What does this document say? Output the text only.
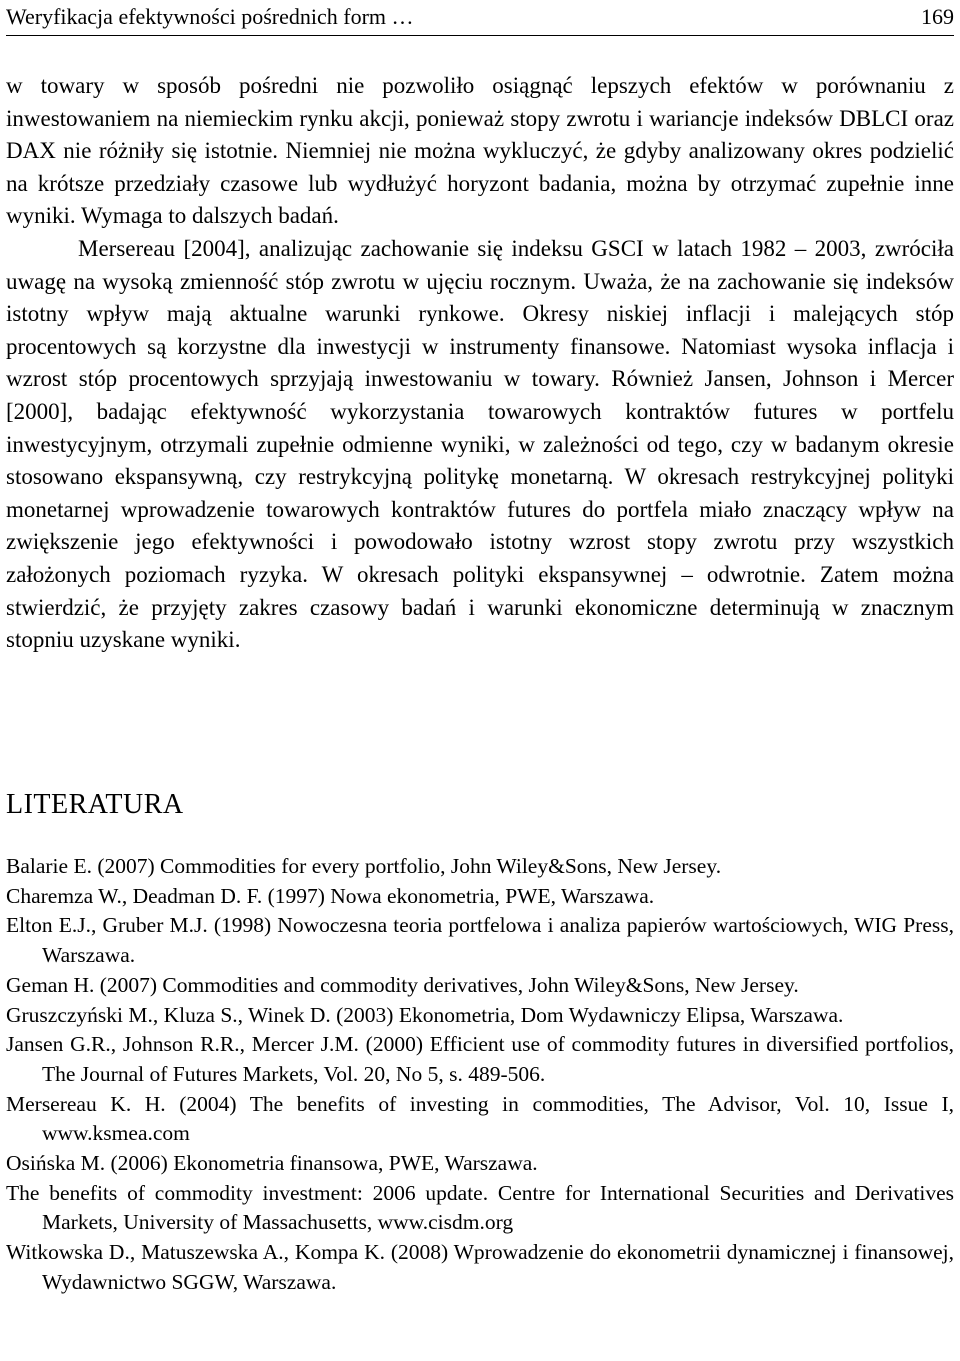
Weryfikacja efektywności pośrednich form …	169

w towary w sposób pośredni nie pozwoliło osiągnąć lepszych efektów w porównaniu z inwestowaniem na niemieckim rynku akcji, ponieważ stopy zwrotu i wariancje indeksów DBLCI oraz DAX nie różniły się istotnie. Niemniej nie można wykluczyć, że gdyby analizowany okres podzielić na krótsze przedziały czasowe lub wydłużyć horyzont badania, można by otrzymać zupełnie inne wyniki. Wymaga to dalszych badań.

Mersereau [2004], analizując zachowanie się indeksu GSCI w latach 1982 – 2003, zwróciła uwagę na wysoką zmienność stóp zwrotu w ujęciu rocznym. Uważa, że na zachowanie się indeksów istotny wpływ mają aktualne warunki rynkowe. Okresy niskiej inflacji i malejących stóp procentowych są korzystne dla inwestycji w instrumenty finansowe. Natomiast wysoka inflacja i wzrost stóp procentowych sprzyjają inwestowaniu w towary. Również Jansen, Johnson i Mercer [2000], badając efektywność wykorzystania towarowych kontraktów futures w portfelu inwestycyjnym, otrzymali zupełnie odmienne wyniki, w zależności od tego, czy w badanym okresie stosowano ekspansywną, czy restrykcyjną politykę monetarną. W okresach restrykcyjnej polityki monetarnej wprowadzenie towarowych kontraktów futures do portfela miało znaczący wpływ na zwiększenie jego efektywności i powodowało istotny wzrost stopy zwrotu przy wszystkich założonych poziomach ryzyka. W okresach polityki ekspansywnej – odwrotnie. Zatem można stwierdzić, że przyjęty zakres czasowy badań i warunki ekonomiczne determinują w znacznym stopniu uzyskane wyniki.

LITERATURA
Balarie E. (2007) Commodities for every portfolio, John Wiley&Sons, New Jersey.
Charemza W., Deadman D. F. (1997) Nowa ekonometria, PWE, Warszawa.
Elton E.J., Gruber M.J. (1998) Nowoczesna teoria portfelowa i analiza papierów wartościowych, WIG Press, Warszawa.
Geman H. (2007) Commodities and commodity derivatives, John Wiley&Sons, New Jersey.
Gruszczyński M., Kluza S., Winek D. (2003) Ekonometria, Dom Wydawniczy Elipsa, Warszawa.
Jansen G.R., Johnson R.R., Mercer J.M. (2000) Efficient use of commodity futures in diversified portfolios, The Journal of Futures Markets, Vol. 20, No 5, s. 489-506.
Mersereau K. H. (2004) The benefits of investing in commodities, The Advisor, Vol. 10, Issue I, www.ksmea.com
Osińska M. (2006) Ekonometria finansowa, PWE, Warszawa.
The benefits of commodity investment: 2006 update. Centre for International Securities and Derivatives Markets, University of Massachusetts, www.cisdm.org
Witkowska D., Matuszewska A., Kompa K. (2008) Wprowadzenie do ekonometrii dynamicznej i finansowej, Wydawnictwo SGGW, Warszawa.
